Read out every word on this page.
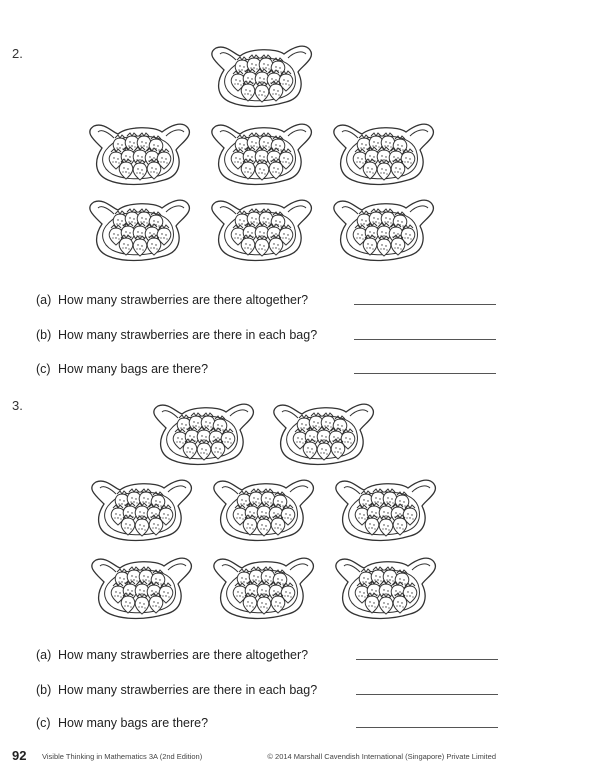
2.
(a) How many strawberries are there altogether?
(b) How many strawberries are there in each bag?
(c) How many bags are there?
3.
(a) How many strawberries are there altogether?
(b) How many strawberries are there in each bag?
(c) How many bags are there?
92 Visible Thinking in Mathematics 3A (2nd Edition)	© 2014 Marshall Cavendish International (Singapore) Private Limited
